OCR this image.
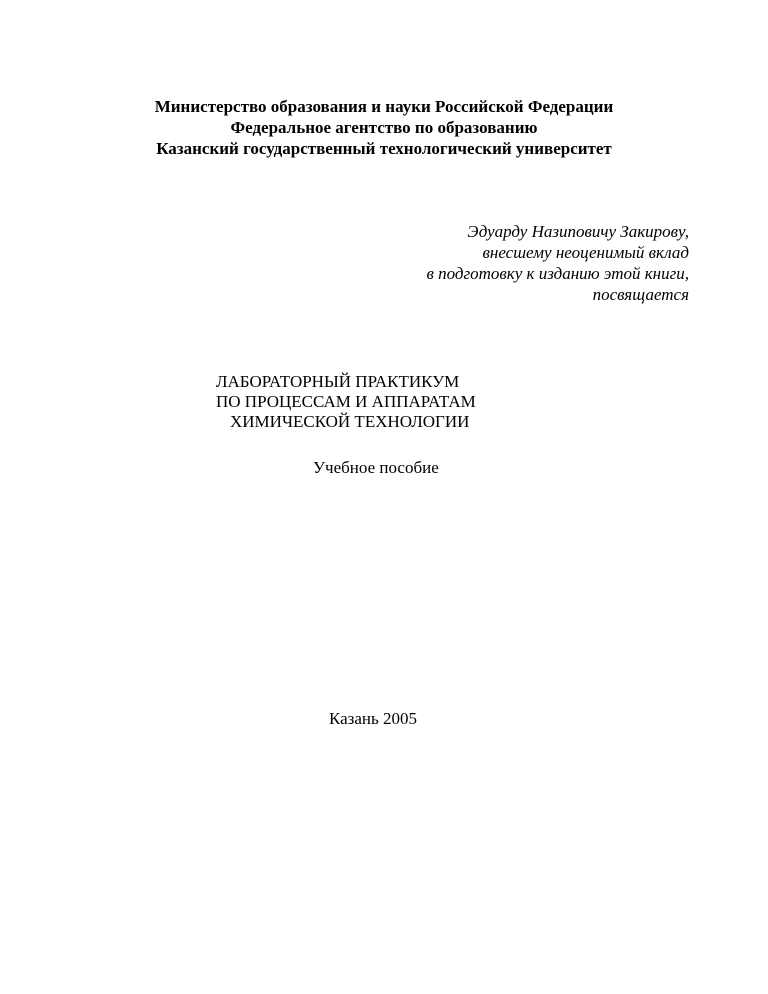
Министерство образования и науки Российской Федерации
Федеральное агентство по образованию
Казанский государственный технологический университет
Эдуарду Назиповичу Закирову,
внесшему неоценимый вклад
в подготовку к изданию этой книги,
посвящается
ЛАБОРАТОРНЫЙ ПРАКТИКУМ
ПО ПРОЦЕССАМ И АППАРАТАМ
ХИМИЧЕСКОЙ ТЕХНОЛОГИИ
Учебное пособие
Казань 2005
